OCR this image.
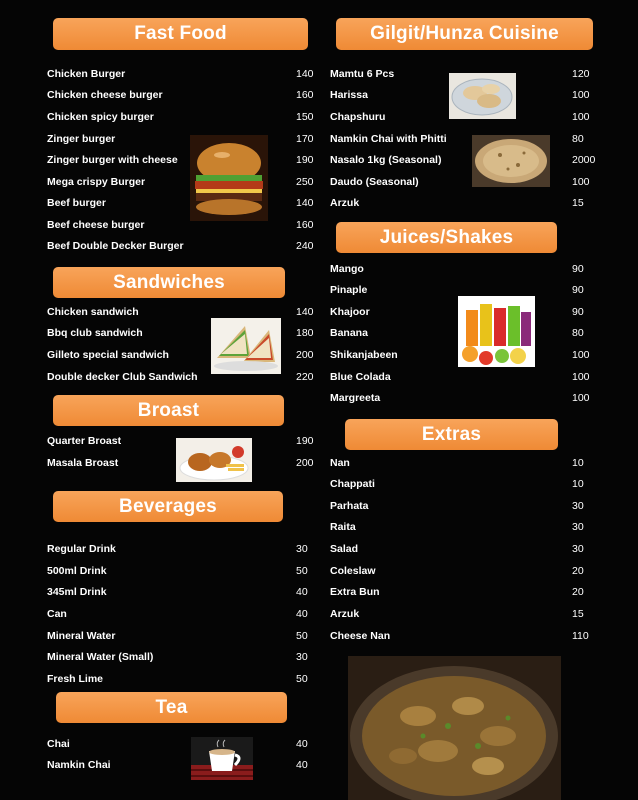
Fast Food
Chicken Burger	140
Chicken cheese burger	160
Chicken spicy burger	150
Zinger burger	170
Zinger burger with cheese	190
Mega crispy Burger	250
Beef burger	140
Beef cheese burger	160
Beef Double Decker Burger	240
Sandwiches
Chicken sandwich	140
Bbq club sandwich	180
Gilleto special sandwich	200
Double decker Club Sandwich	220
Broast
Quarter Broast	190
Masala Broast	200
Beverages
Regular Drink	30
500ml Drink	50
345ml Drink	40
Can	40
Mineral Water	50
Mineral Water (Small)	30
Fresh Lime	50
Tea
Chai	40
Namkin Chai	40
Gilgit/Hunza Cuisine
Mamtu 6 Pcs	120
Harissa	100
Chapshuru	100
Namkin Chai with Phitti	80
Nasalo 1kg (Seasonal)	2000
Daudo (Seasonal)	100
Arzuk	15
Juices/Shakes
Mango	90
Pinaple	90
Khajoor	90
Banana	80
Shikanjabeen	100
Blue Colada	100
Margreeta	100
Extras
Nan	10
Chappati	10
Parhata	30
Raita	30
Salad	30
Coleslaw	20
Extra Bun	20
Arzuk	15
Cheese Nan	110
